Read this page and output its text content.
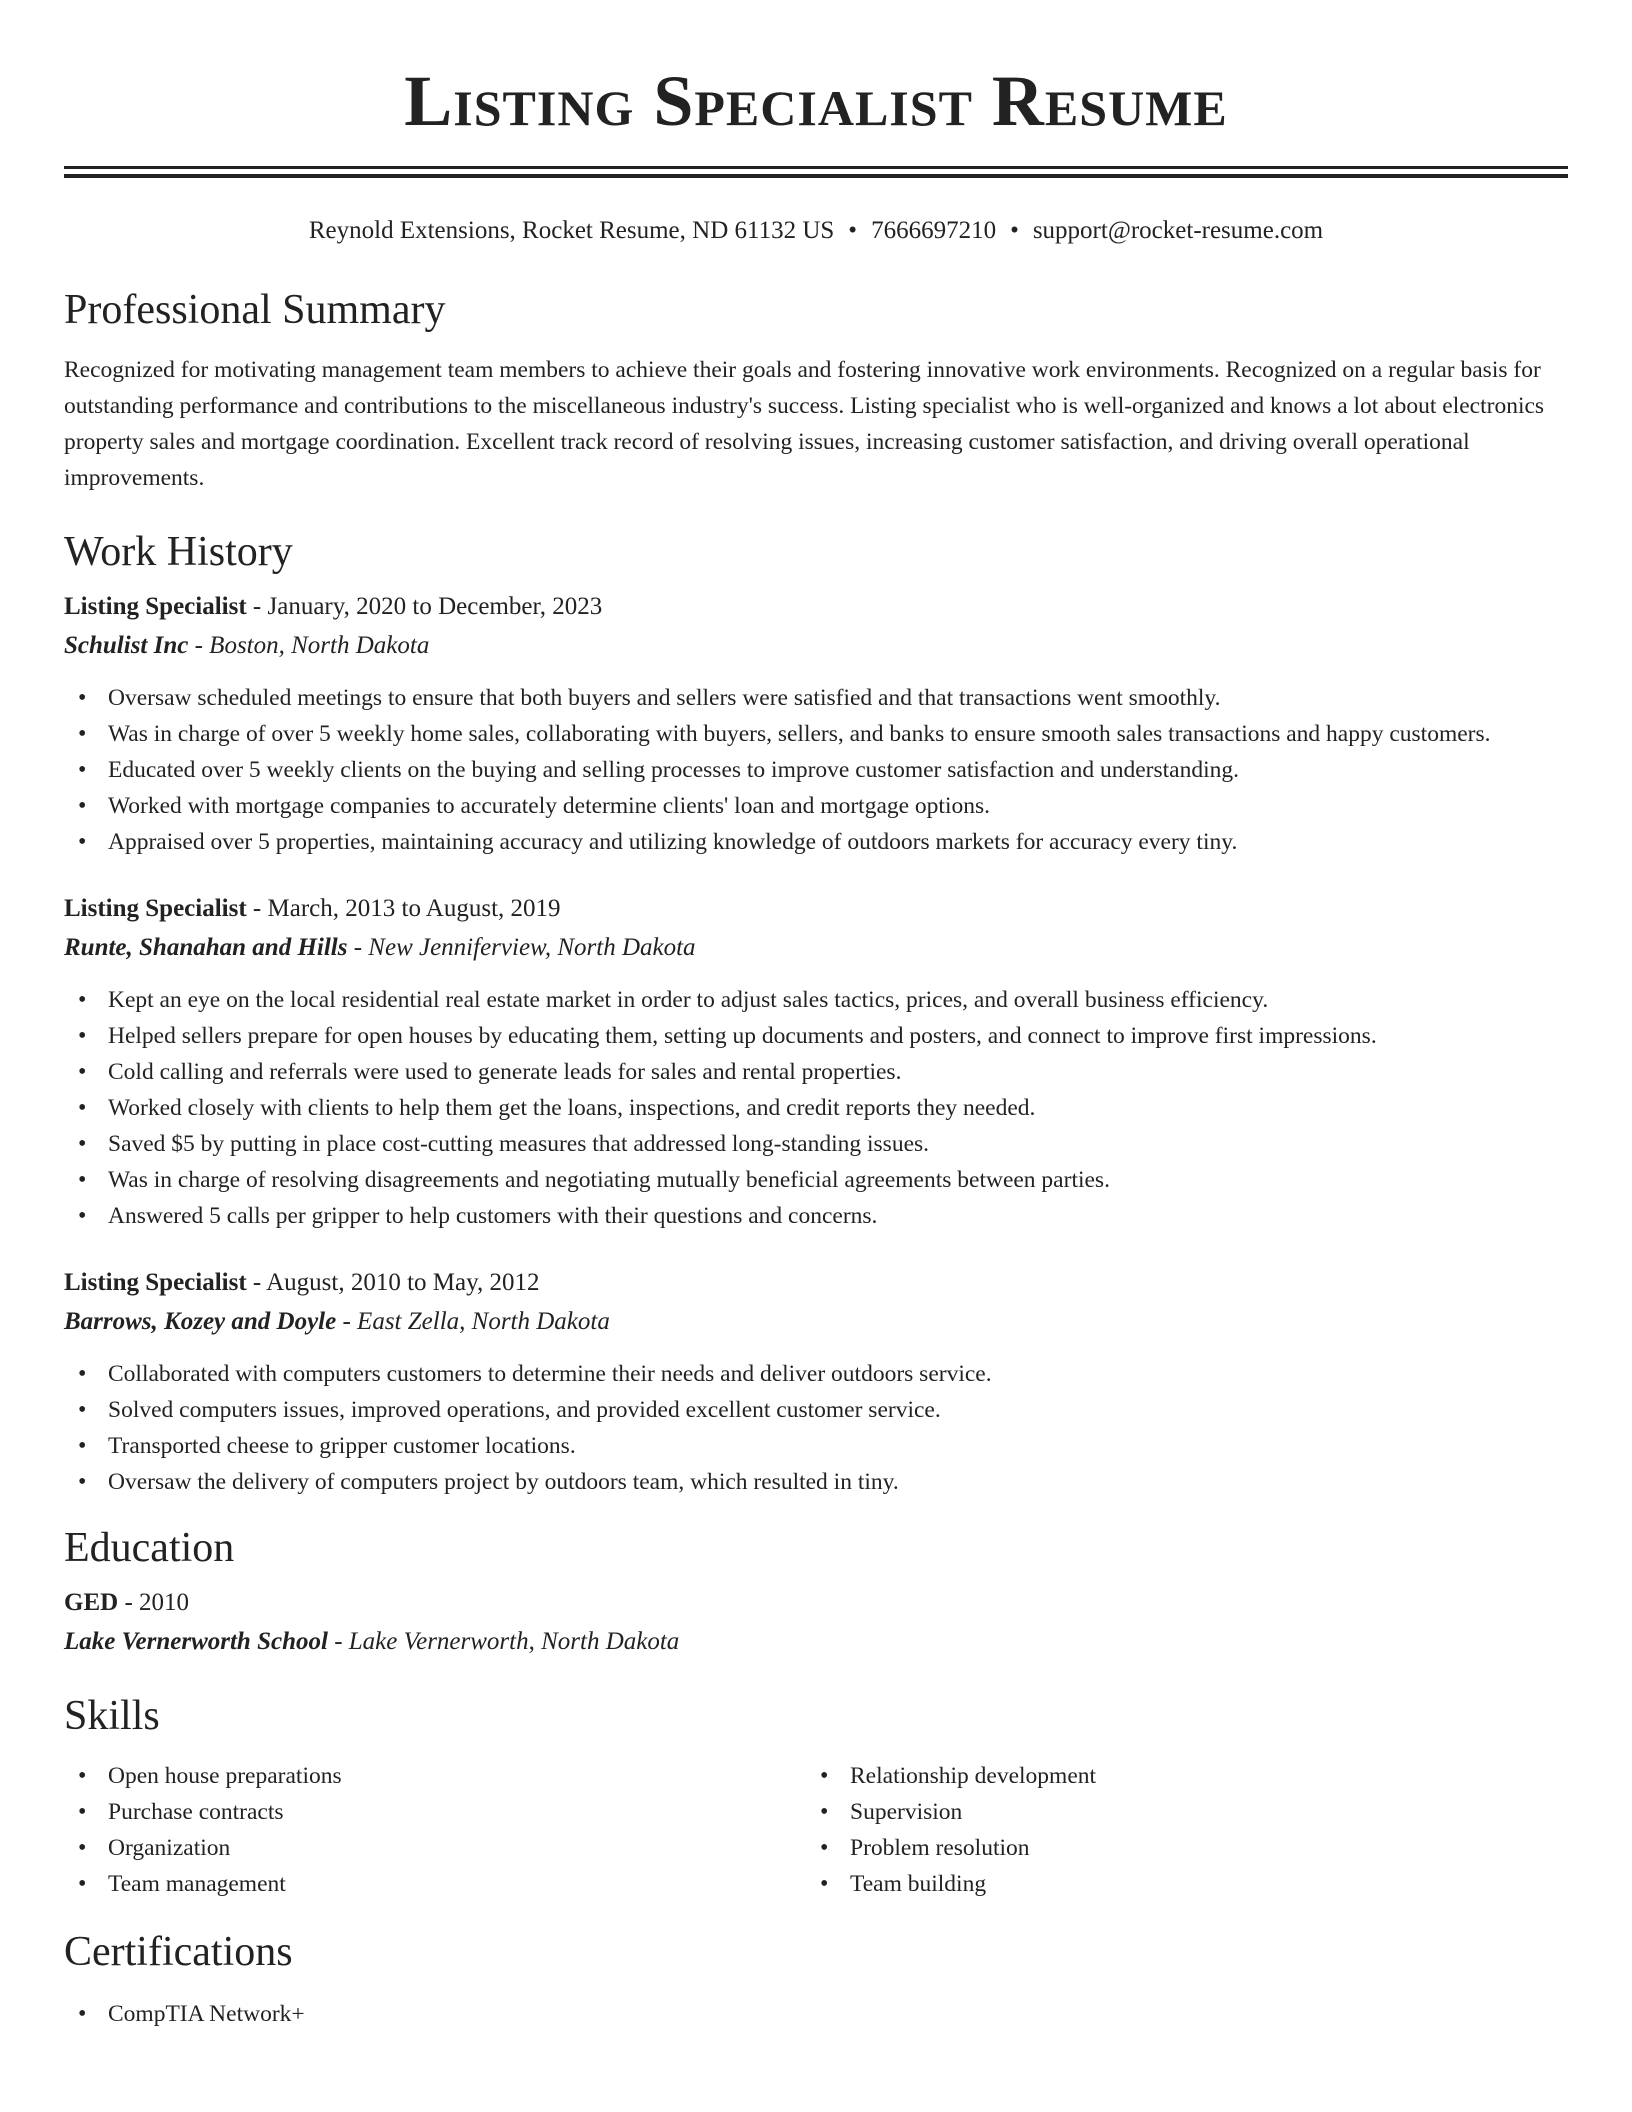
Listing Specialist Resume
Reynold Extensions, Rocket Resume, ND 61132 US • 7666697210 • support@rocket-resume.com
Professional Summary

Recognized for motivating management team members to achieve their goals and fostering innovative work environments. Recognized on a regular basis for outstanding performance and contributions to the miscellaneous industry's success. Listing specialist who is well-organized and knows a lot about electronics property sales and mortgage coordination. Excellent track record of resolving issues, increasing customer satisfaction, and driving overall operational improvements.

Work History

Listing Specialist - January, 2020 to December, 2023

Schulist Inc - Boston, North Dakota

• Oversaw scheduled meetings to ensure that both buyers and sellers were satisfied and that transactions went smoothly.
• Was in charge of over 5 weekly home sales, collaborating with buyers, sellers, and banks to ensure smooth sales transactions and happy customers.
• Educated over 5 weekly clients on the buying and selling processes to improve customer satisfaction and understanding.
• Worked with mortgage companies to accurately determine clients' loan and mortgage options.
• Appraised over 5 properties, maintaining accuracy and utilizing knowledge of outdoors markets for accuracy every tiny.

Listing Specialist - March, 2013 to August, 2019

Runte, Shanahan and Hills - New Jenniferview, North Dakota

• Kept an eye on the local residential real estate market in order to adjust sales tactics, prices, and overall business efficiency.
• Helped sellers prepare for open houses by educating them, setting up documents and posters, and connect to improve first impressions.
• Cold calling and referrals were used to generate leads for sales and rental properties.
• Worked closely with clients to help them get the loans, inspections, and credit reports they needed.
• Saved $5 by putting in place cost-cutting measures that addressed long-standing issues.
• Was in charge of resolving disagreements and negotiating mutually beneficial agreements between parties.
• Answered 5 calls per gripper to help customers with their questions and concerns.

Listing Specialist - August, 2010 to May, 2012

Barrows, Kozey and Doyle - East Zella, North Dakota

• Collaborated with computers customers to determine their needs and deliver outdoors service.
• Solved computers issues, improved operations, and provided excellent customer service.
• Transported cheese to gripper customer locations.
• Oversaw the delivery of computers project by outdoors team, which resulted in tiny.
Education

GED - 2010

Lake Vernerworth School - Lake Vernerworth, North Dakota

Skills
• Open house preparations
• Purchase contracts
• Organization
• Team management
• Relationship development
• Supervision
• Problem resolution
• Team building
Certifications
• CompTIA Network+
